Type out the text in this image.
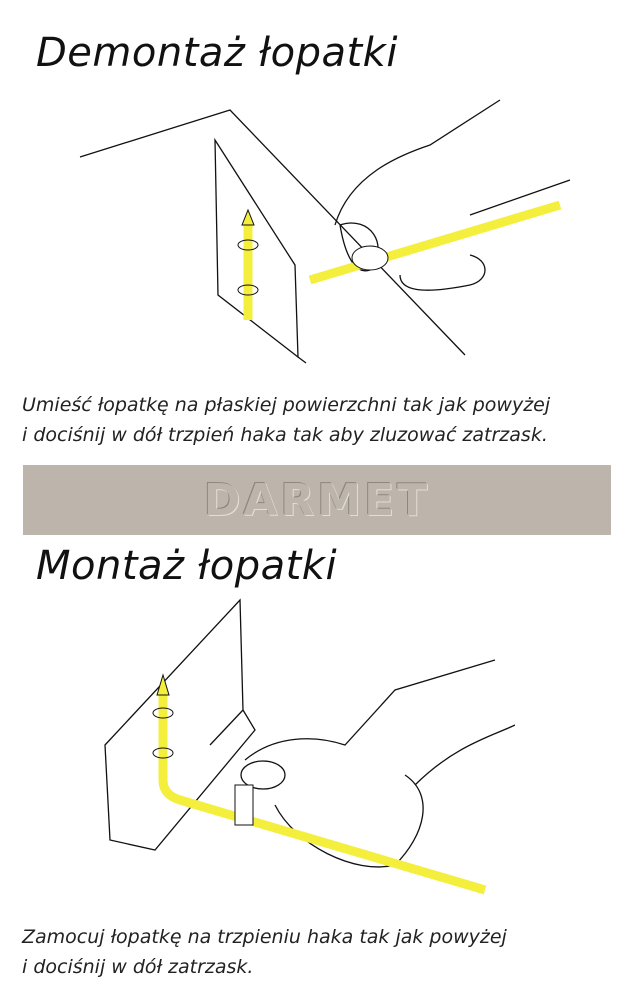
Demontaż łopatki
Umieść łopatkę na płaskiej powierzchni tak jak powyżej
i dociśnij w dół trzpień haka tak aby zluzować zatrzask.
DARMET
Montaż łopatki
Zamocuj łopatkę na trzpieniu haka tak jak powyżej
i dociśnij w dół zatrzask.
